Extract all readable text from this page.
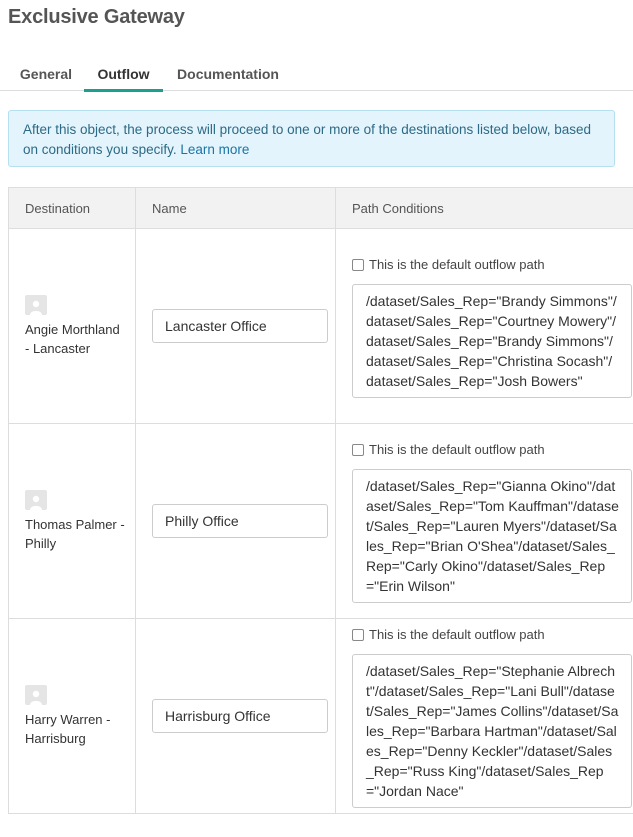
Exclusive Gateway
General	Outflow	Documentation
After this object, the process will proceed to one or more of the destinations listed below, based on conditions you specify. Learn more
Destination	Name	Path Conditions

Angie Morthland - Lancaster	Lancaster Office	This is the default outflow path
/dataset/Sales_Rep="Brandy Simmons"/dataset/Sales_Rep="Courtney Mowery"/dataset/Sales_Rep="Brandy Simmons"/dataset/Sales_Rep="Christina Socash"/dataset/Sales_Rep="Josh Bowers"

Thomas Palmer - Philly	Philly Office	This is the default outflow path
/dataset/Sales_Rep="Gianna Okino"/dataset/Sales_Rep="Tom Kauffman"/dataset/Sales_Rep="Lauren Myers"/dataset/Sales_Rep="Brian O'Shea"/dataset/Sales_Rep="Carly Okino"/dataset/Sales_Rep="Erin Wilson"

Harry Warren - Harrisburg	Harrisburg Office	This is the default outflow path
/dataset/Sales_Rep="Stephanie Albrecht"/dataset/Sales_Rep="Lani Bull"/dataset/Sales_Rep="James Collins"/dataset/Sales_Rep="Barbara Hartman"/dataset/Sales_Rep="Denny Keckler"/dataset/Sales_Rep="Russ King"/dataset/Sales_Rep="Jordan Nace"
